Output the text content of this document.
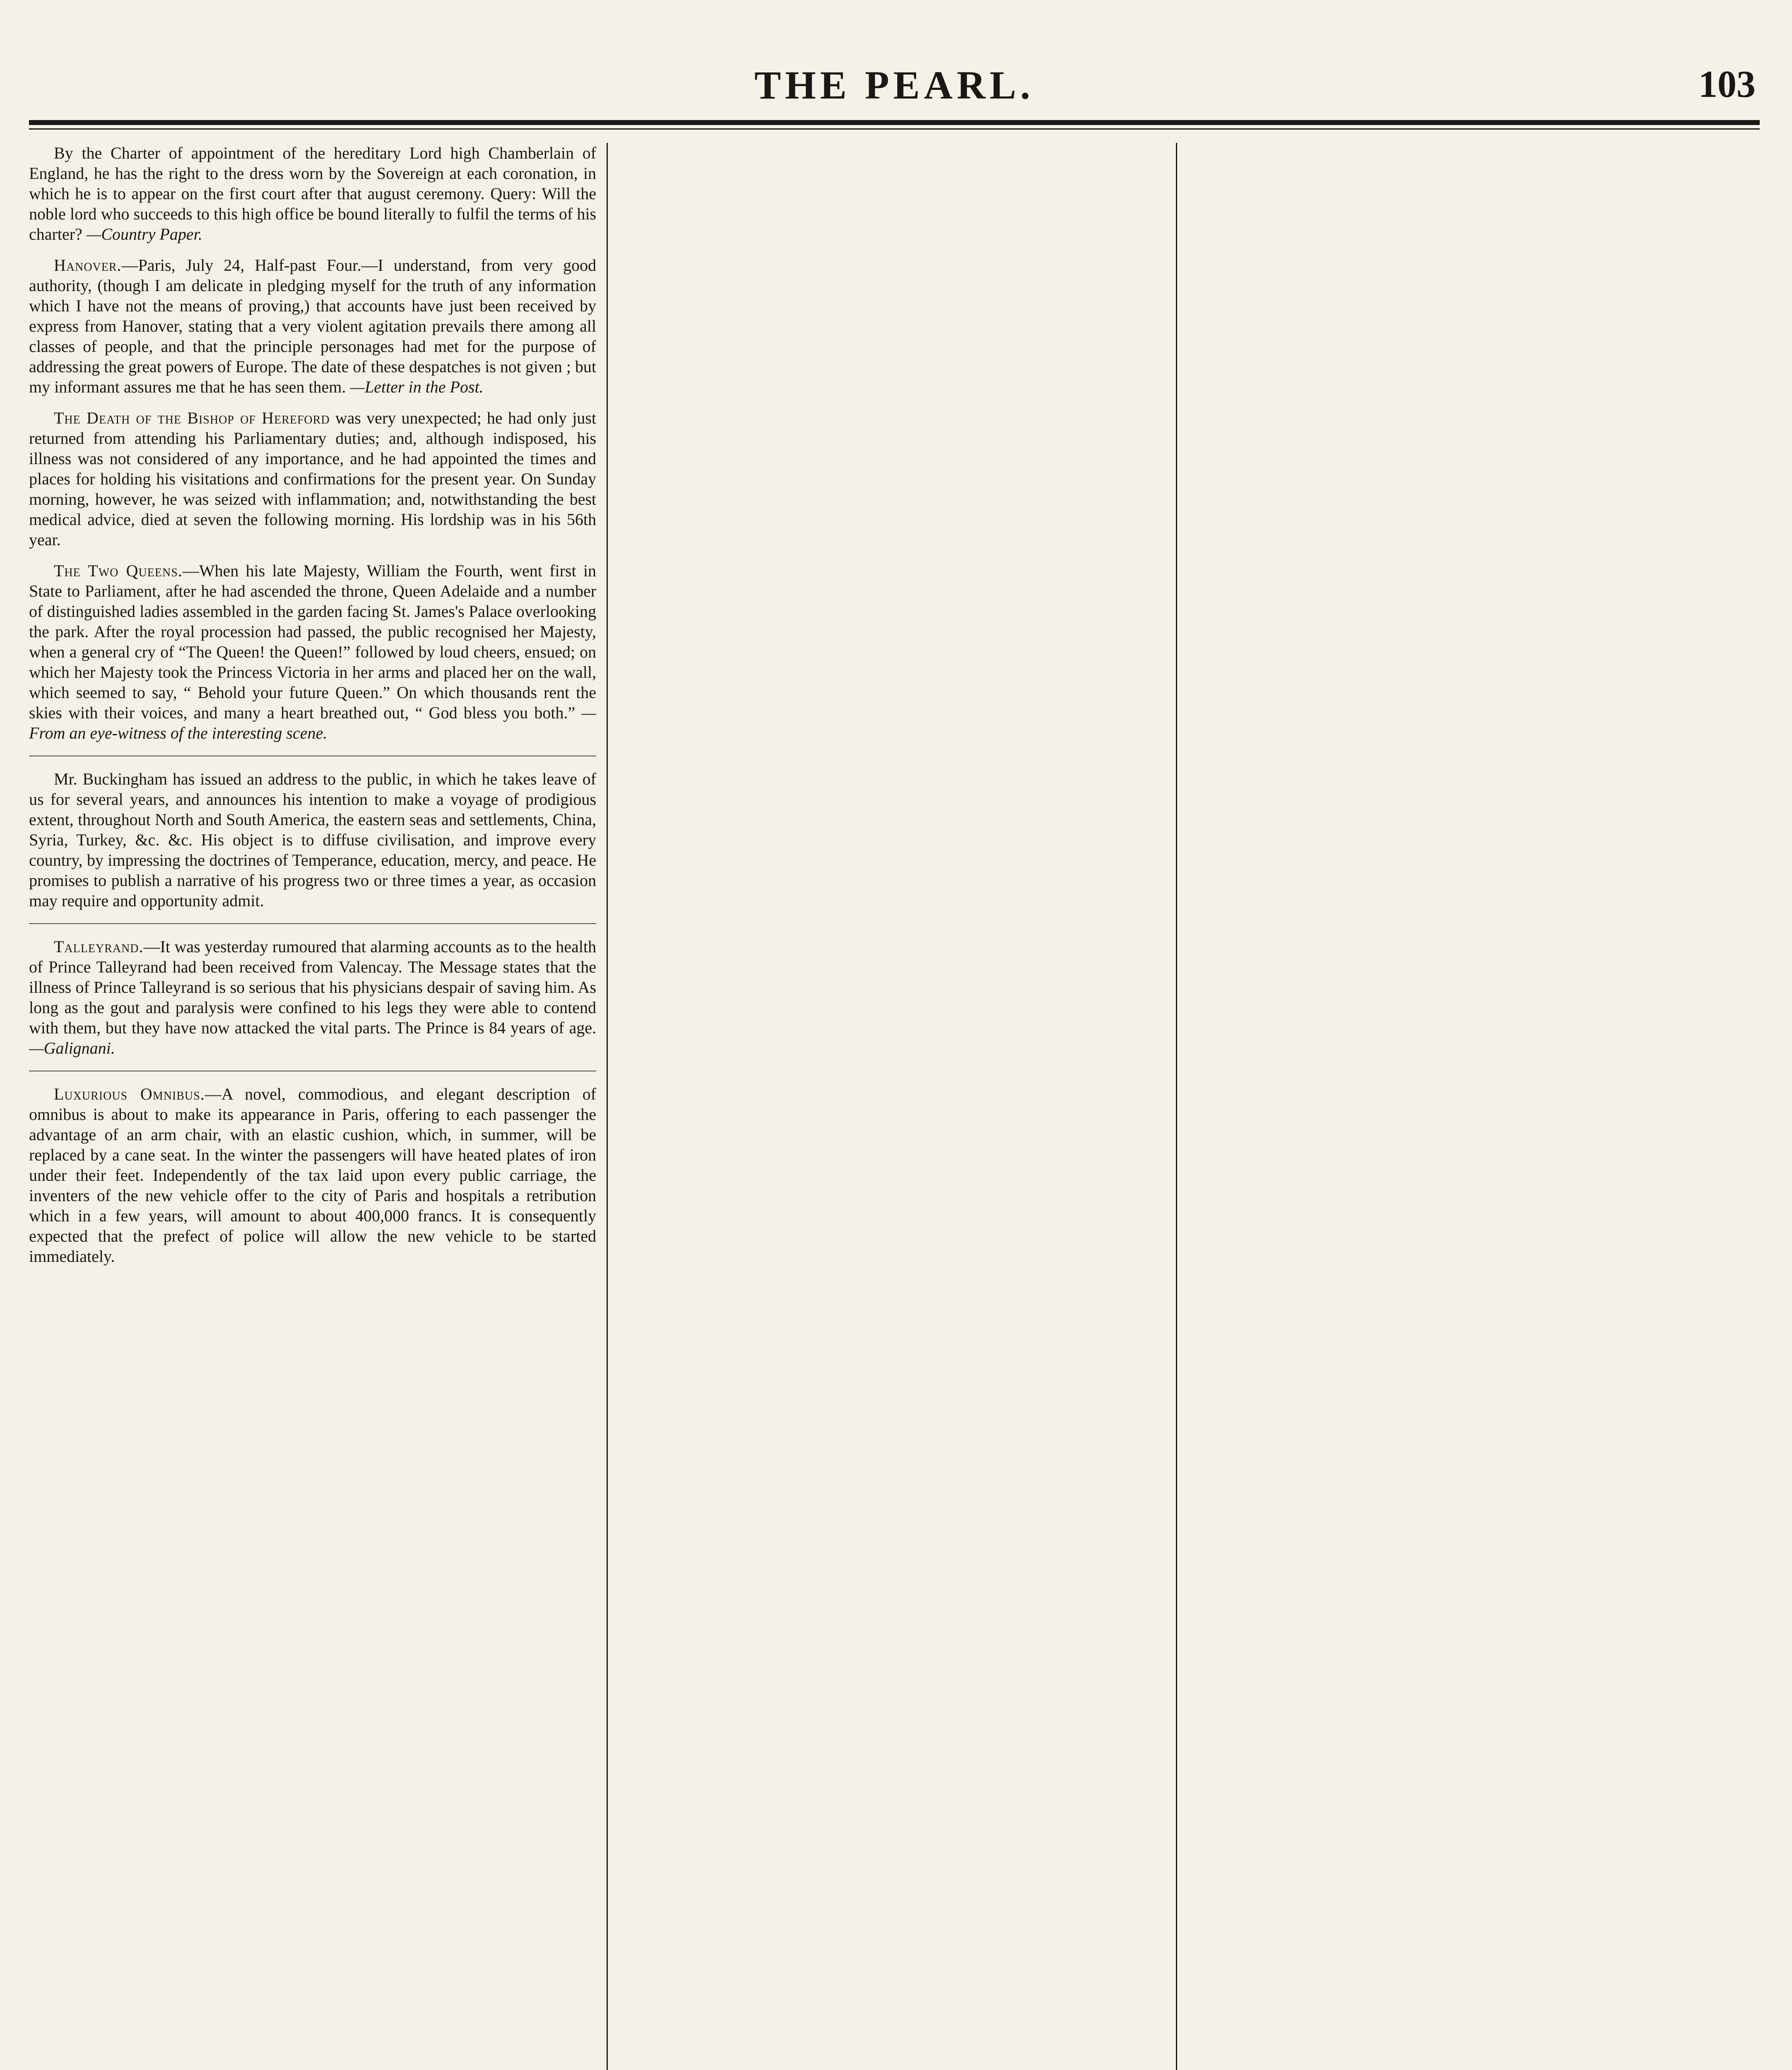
THE PEARL.	103

By the Charter of appointment of the hereditary Lord high Chamberlain of England, he has the right to the dress worn by the Sovereign at each coronation, in which he is to appear on the first court after that august ceremony. Query: Will the noble lord who succeeds to this high office be bound literally to fulfil the terms of his charter? —Country Paper.

Hanover.—Paris, July 24, Half-past Four.—I understand, from very good authority, (though I am delicate in pledging myself for the truth of any information which I have not the means of proving,) that accounts have just been received by express from Hanover, stating that a very violent agitation prevails there among all classes of people, and that the principle personages had met for the purpose of addressing the great powers of Europe. The date of these despatches is not given ; but my informant assures me that he has seen them. —Letter in the Post.

The Death of the Bishop of Hereford was very unexpected; he had only just returned from attending his Parliamentary duties; and, although indisposed, his illness was not considered of any importance, and he had appointed the times and places for holding his visitations and confirmations for the present year. On Sunday morning, however, he was seized with inflammation; and, notwithstanding the best medical advice, died at seven the following morning. His lordship was in his 56th year.

The Two Queens.—When his late Majesty, William the Fourth, went first in State to Parliament, after he had ascended the throne, Queen Adelaide and a number of distinguished ladies assembled in the garden facing St. James's Palace overlooking the park. After the royal procession had passed, the public recognised her Majesty, when a general cry of “The Queen! the Queen!” followed by loud cheers, ensued; on which her Majesty took the Princess Victoria in her arms and placed her on the wall, which seemed to say, “ Behold your future Queen.” On which thousands rent the skies with their voices, and many a heart breathed out, “ God bless you both.” —From an eye-witness of the interesting scene.

Mr. Buckingham has issued an address to the public, in which he takes leave of us for several years, and announces his intention to make a voyage of prodigious extent, throughout North and South America, the eastern seas and settlements, China, Syria, Turkey, &c. &c. His object is to diffuse civilisation, and improve every country, by impressing the doctrines of Temperance, education, mercy, and peace. He promises to publish a narrative of his progress two or three times a year, as occasion may require and opportunity admit.

Talleyrand.—It was yesterday rumoured that alarming accounts as to the health of Prince Talleyrand had been received from Valencay. The Message states that the illness of Prince Talleyrand is so serious that his physicians despair of saving him. As long as the gout and paralysis were confined to his legs they were able to contend with them, but they have now attacked the vital parts. The Prince is 84 years of age. —Galignani.

Luxurious Omnibus.—A novel, commodious, and elegant description of omnibus is about to make its appearance in Paris, offering to each passenger the advantage of an arm chair, with an elastic cushion, which, in summer, will be replaced by a cane seat. In the winter the passengers will have heated plates of iron under their feet. Independently of the tax laid upon every public carriage, the inventers of the new vehicle offer to the city of Paris and hospitals a retribution which in a few years, will amount to about 400,000 francs. It is consequently expected that the prefect of police will allow the new vehicle to be started immediately.
